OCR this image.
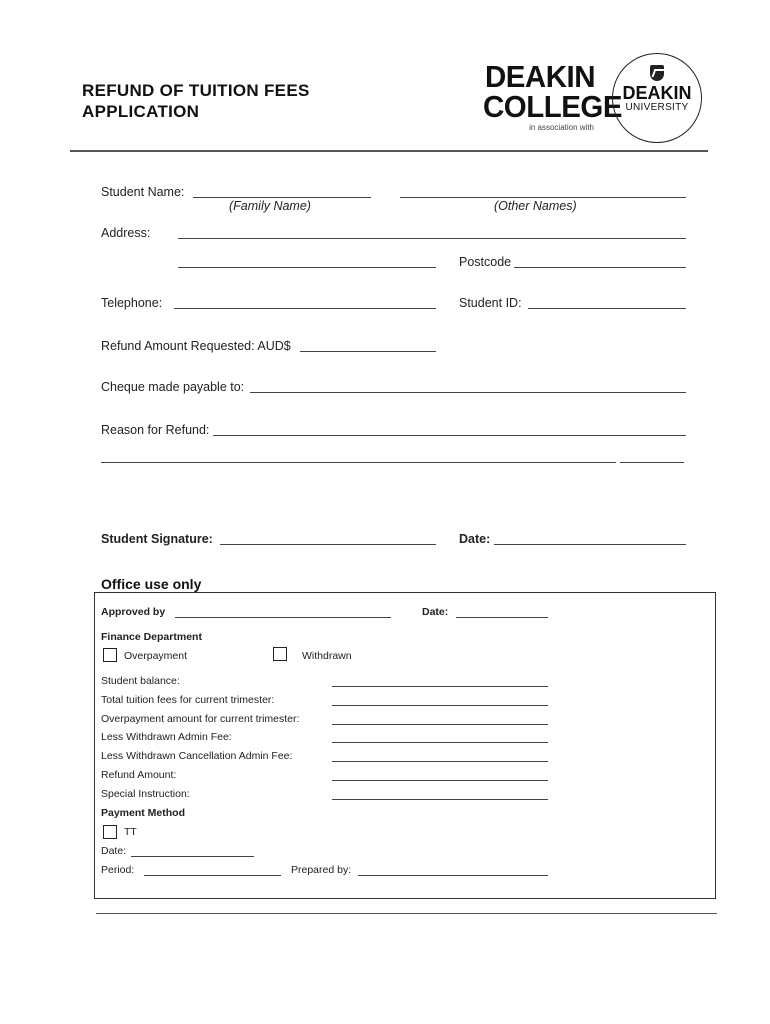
REFUND OF TUITION FEES
APPLICATION
DEAKIN
COLLEGE
in association with
DEAKIN
UNIVERSITY
Student Name:
(Family Name)	(Other Names)
Address:
Postcode
Telephone:	Student ID:
Refund Amount Requested: AUD$
Cheque made payable to:
Reason for Refund:
Student Signature:	Date:
Office use only
Approved by	Date:
Finance Department
Overpayment	Withdrawn
Student balance:
Total tuition fees for current trimester:
Overpayment amount for current trimester:
Less Withdrawn Admin Fee:
Less Withdrawn Cancellation Admin Fee:
Refund Amount:
Special Instruction:
Payment Method
TT
Date:
Period:	Prepared by:
